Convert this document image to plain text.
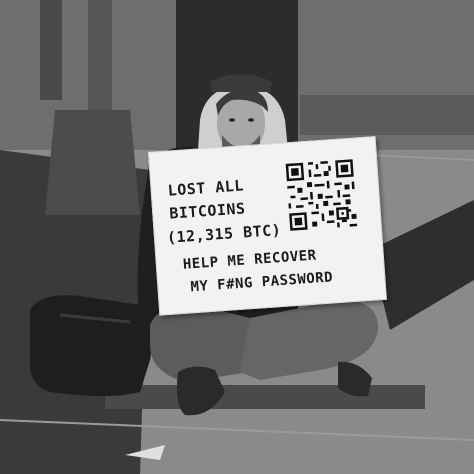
LOST ALL
BITCOINS
(12,315 BTC)
HELP ME RECOVER
MY F#NG PASSWORD
